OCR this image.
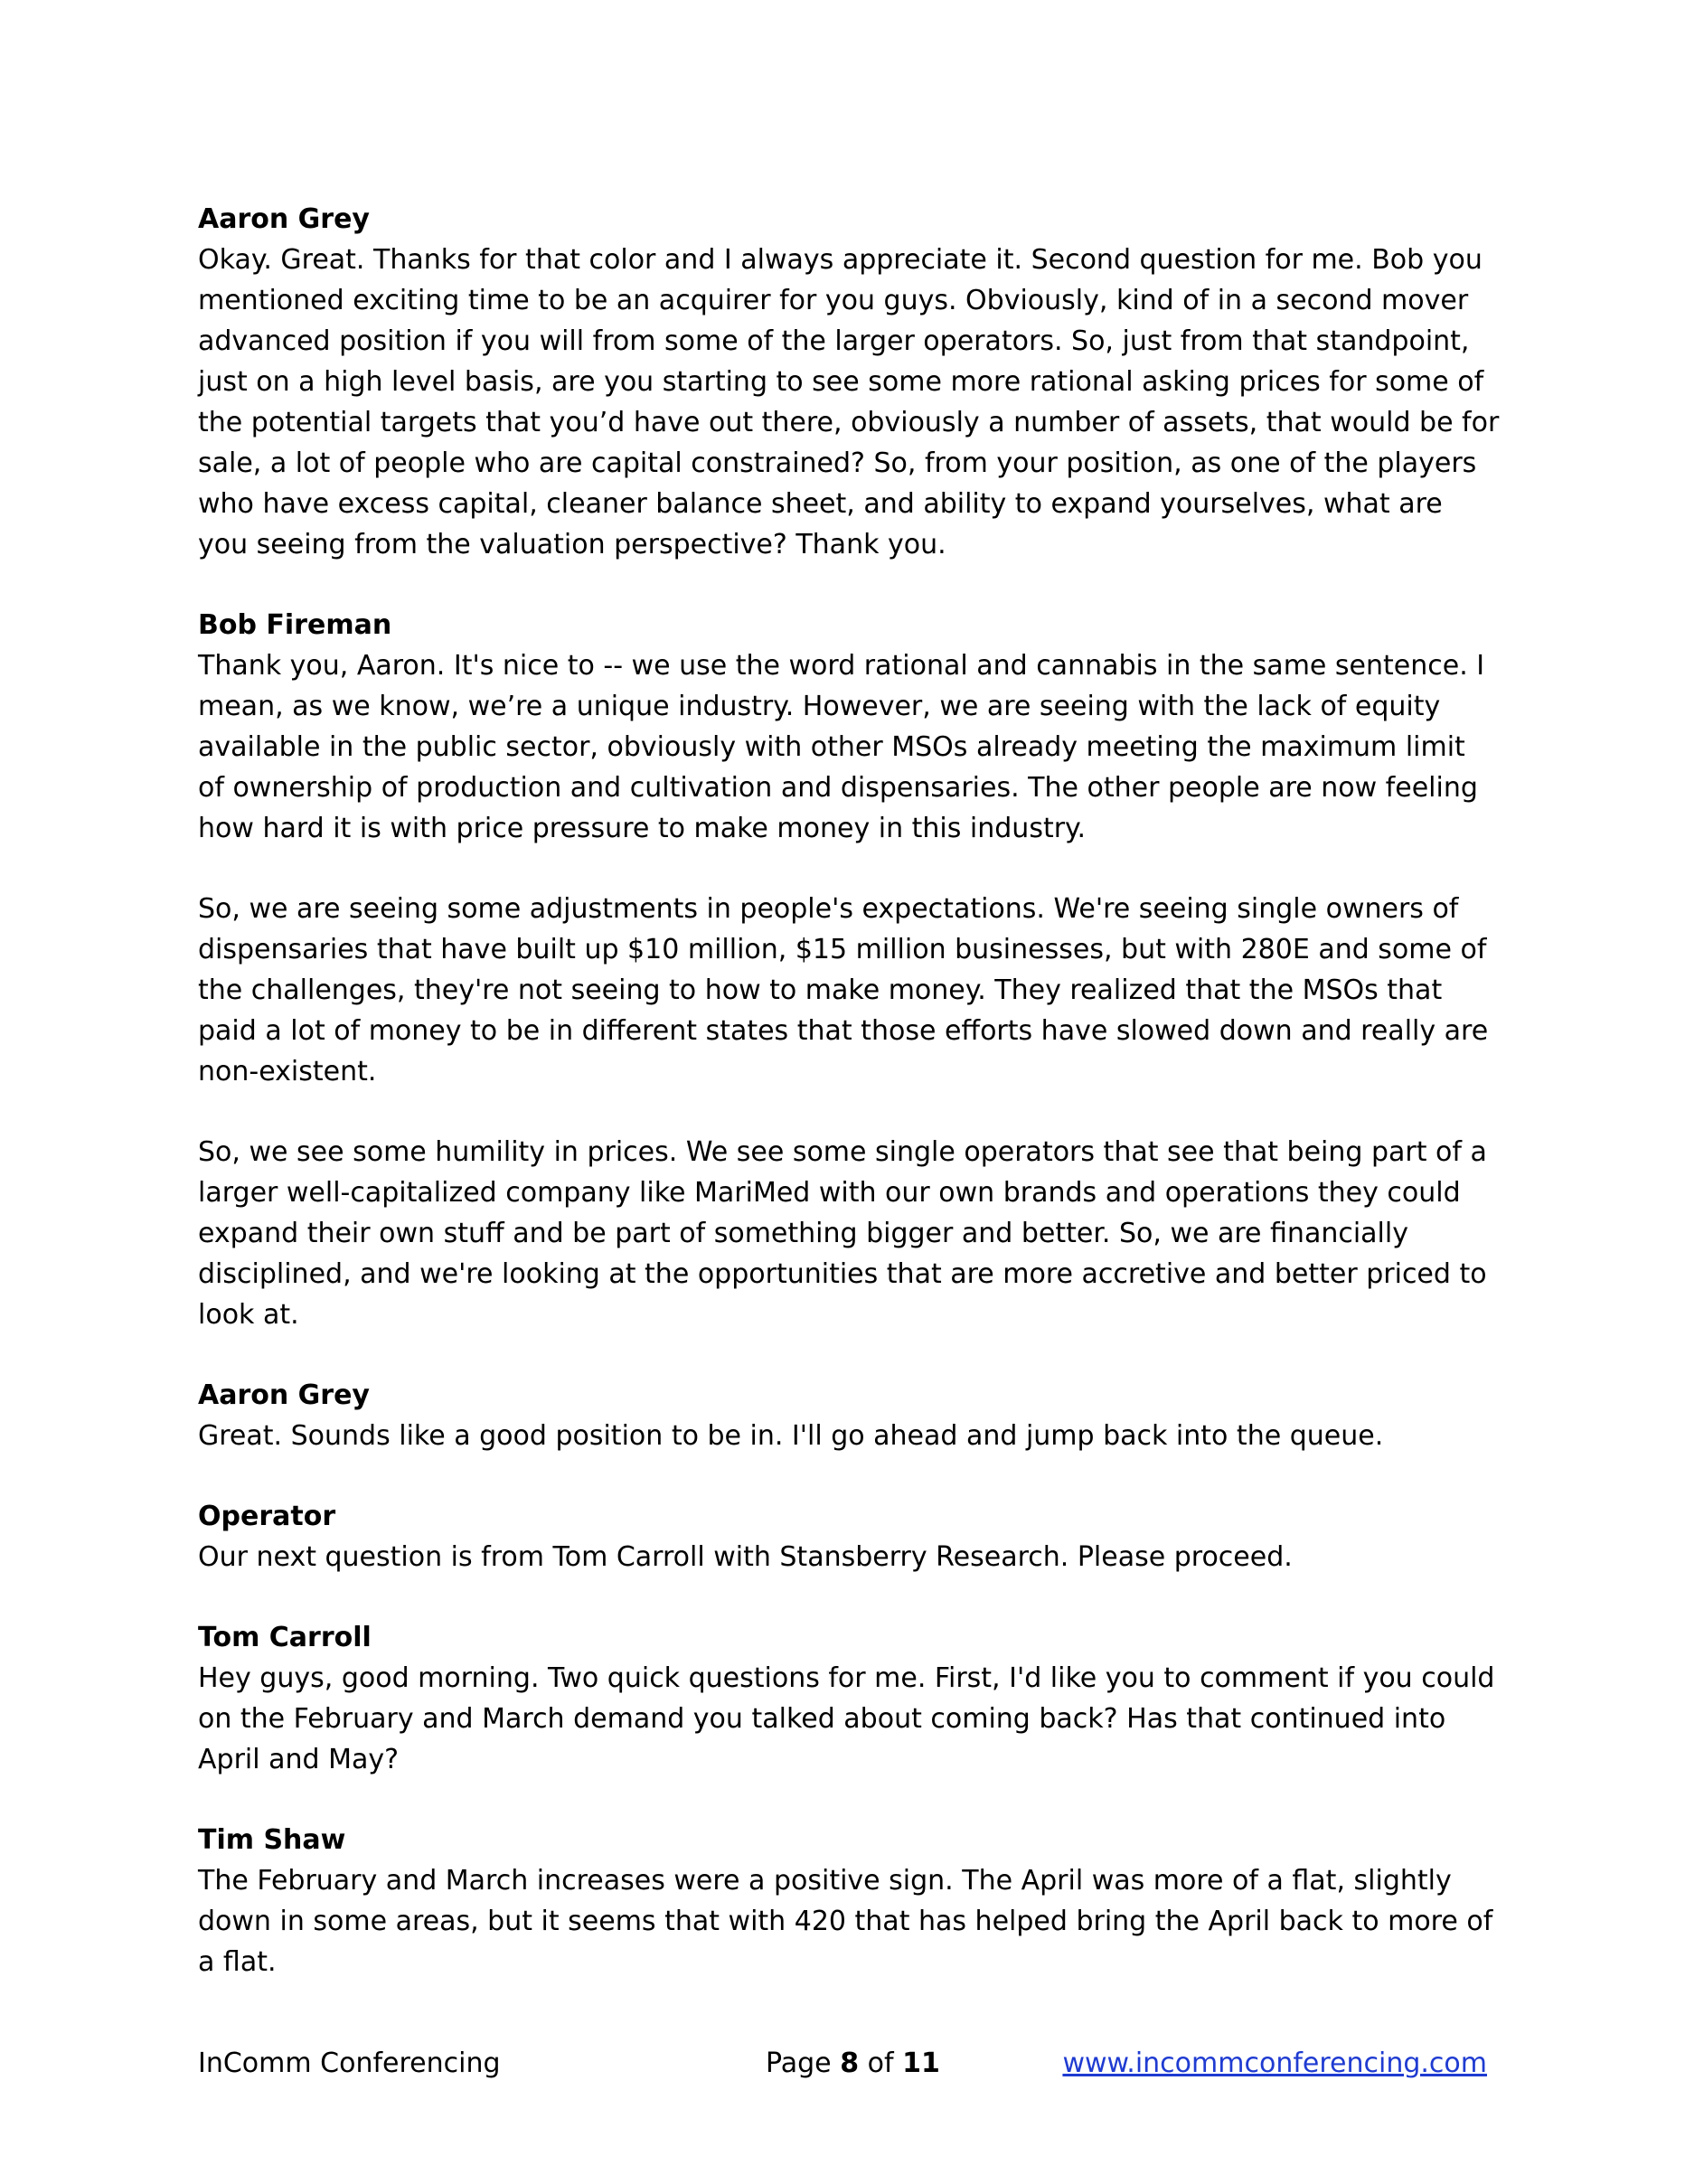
Aaron Grey

Okay. Great. Thanks for that color and I always appreciate it. Second question for me. Bob you mentioned exciting time to be an acquirer for you guys. Obviously, kind of in a second mover advanced position if you will from some of the larger operators. So, just from that standpoint, just on a high level basis, are you starting to see some more rational asking prices for some of the potential targets that you’d have out there, obviously a number of assets, that would be for sale, a lot of people who are capital constrained? So, from your position, as one of the players who have excess capital, cleaner balance sheet, and ability to expand yourselves, what are you seeing from the valuation perspective? Thank you.

Bob Fireman

Thank you, Aaron. It's nice to -- we use the word rational and cannabis in the same sentence. I mean, as we know, we’re a unique industry. However, we are seeing with the lack of equity available in the public sector, obviously with other MSOs already meeting the maximum limit of ownership of production and cultivation and dispensaries. The other people are now feeling how hard it is with price pressure to make money in this industry.

So, we are seeing some adjustments in people's expectations. We're seeing single owners of dispensaries that have built up $10 million, $15 million businesses, but with 280E and some of the challenges, they're not seeing to how to make money. They realized that the MSOs that paid a lot of money to be in different states that those efforts have slowed down and really are non-existent.

So, we see some humility in prices. We see some single operators that see that being part of a larger well-capitalized company like MariMed with our own brands and operations they could expand their own stuff and be part of something bigger and better. So, we are financially disciplined, and we're looking at the opportunities that are more accretive and better priced to look at.

Aaron Grey

Great. Sounds like a good position to be in. I'll go ahead and jump back into the queue.

Operator

Our next question is from Tom Carroll with Stansberry Research. Please proceed.

Tom Carroll

Hey guys, good morning. Two quick questions for me. First, I'd like you to comment if you could on the February and March demand you talked about coming back? Has that continued into April and May?

Tim Shaw

The February and March increases were a positive sign. The April was more of a flat, slightly down in some areas, but it seems that with 420 that has helped bring the April back to more of a flat.

InComm Conferencing	Page 8 of 11	www.incommconferencing.com
